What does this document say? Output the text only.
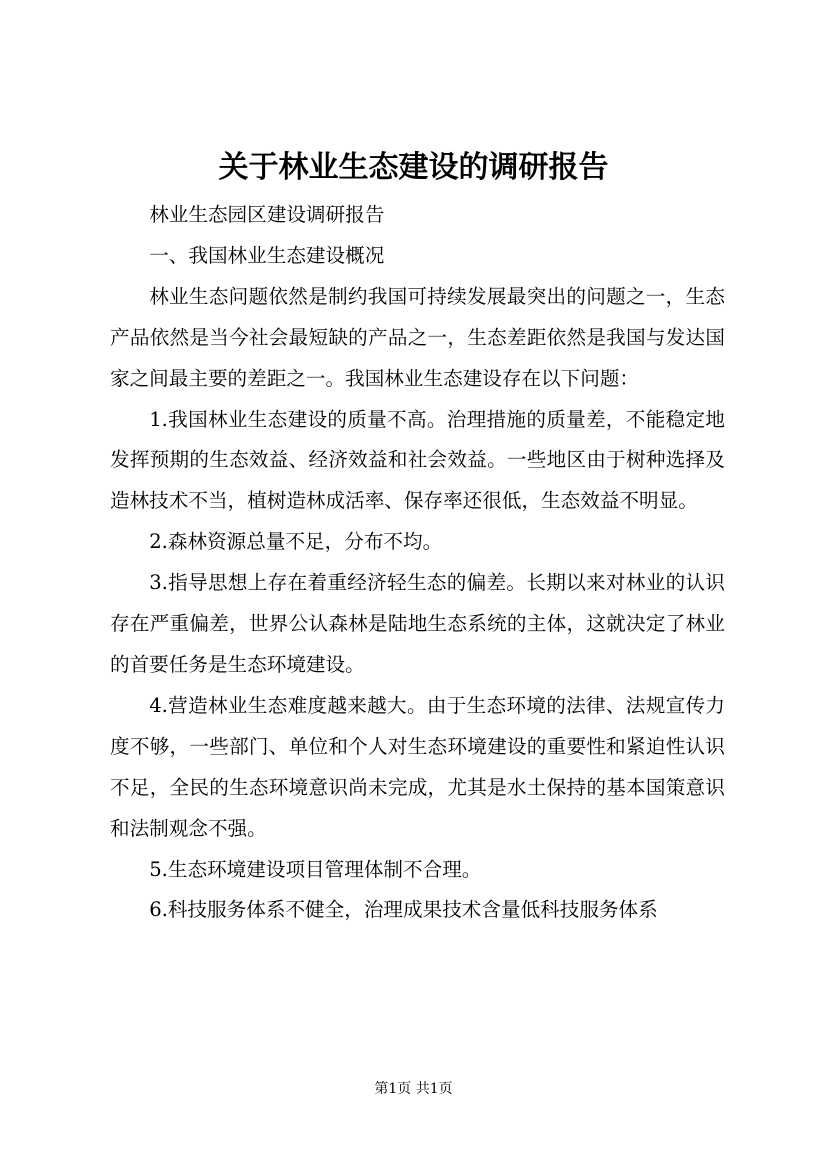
关于林业生态建设的调研报告

林业生态园区建设调研报告

一、我国林业生态建设概况

林业生态问题依然是制约我国可持续发展最突出的问题之一，生态产品依然是当今社会最短缺的产品之一，生态差距依然是我国与发达国家之间最主要的差距之一。我国林业生态建设存在以下问题：

1.我国林业生态建设的质量不高。治理措施的质量差，不能稳定地发挥预期的生态效益、经济效益和社会效益。一些地区由于树种选择及造林技术不当，植树造林成活率、保存率还很低，生态效益不明显。

2.森林资源总量不足，分布不均。

3.指导思想上存在着重经济轻生态的偏差。长期以来对林业的认识存在严重偏差，世界公认森林是陆地生态系统的主体，这就决定了林业的首要任务是生态环境建设。

4.营造林业生态难度越来越大。由于生态环境的法律、法规宣传力度不够，一些部门、单位和个人对生态环境建设的重要性和紧迫性认识不足，全民的生态环境意识尚未完成，尤其是水土保持的基本国策意识和法制观念不强。

5.生态环境建设项目管理体制不合理。

6.科技服务体系不健全，治理成果技术含量低科技服务体系

第1页 共1页
